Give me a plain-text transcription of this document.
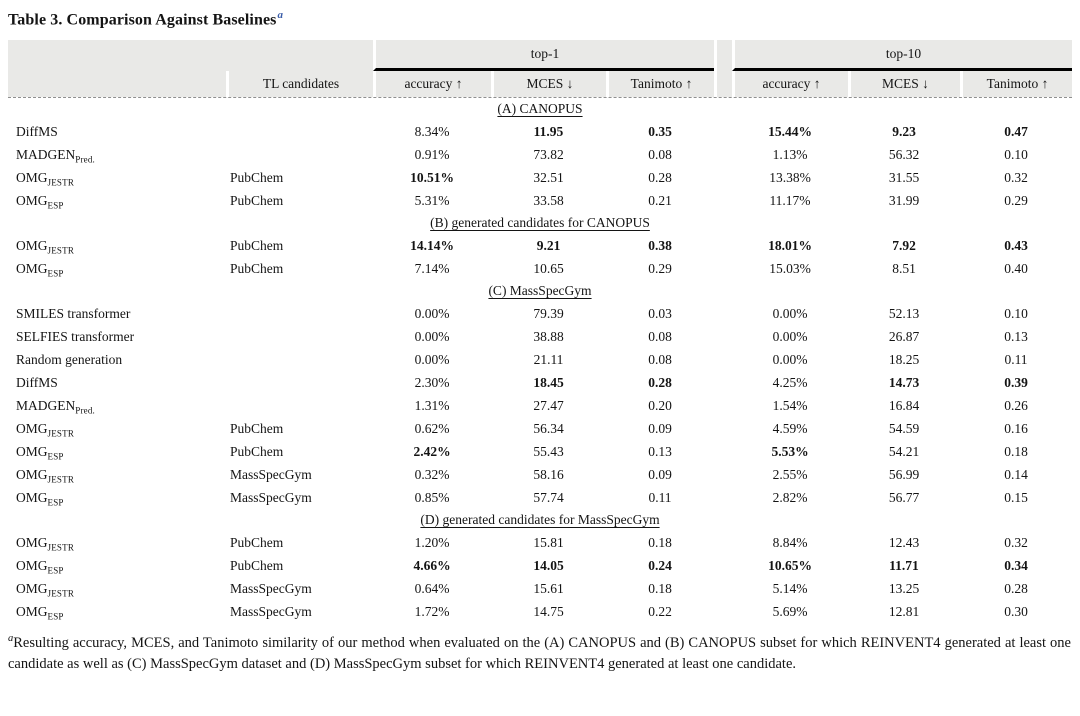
Table 3. Comparison Against Baselines$^a$
		top-1				top-10		
	TL candidates	accuracy ↑	MCES ↓	Tanimoto ↑		accuracy ↑	MCES ↓	Tanimoto ↑
(A) CANOPUS								
DiffMS		8.34%	11.95	0.35		15.44%	9.23	0.47
$MADGEN_{Pred.}$		0.91%	73.82	0.08		1.13%	56.32	0.10
$OMG_{JESTR}$	PubChem	10.51%	32.51	0.28		13.38%	31.55	0.32
$OMG_{ESP}$	PubChem	5.31%	33.58	0.21		11.17%	31.99	0.29
(B) generated candidates for CANOPUS								
$OMG_{JESTR}$	PubChem	14.14%	9.21	0.38		18.01%	7.92	0.43
$OMG_{ESP}$	PubChem	7.14%	10.65	0.29		15.03%	8.51	0.40
(C) MassSpecGym								
SMILES transformer		0.00%	79.39	0.03		0.00%	52.13	0.10
SELFIES transformer		0.00%	38.88	0.08		0.00%	26.87	0.13
Random generation		0.00%	21.11	0.08		0.00%	18.25	0.11
DiffMS		2.30%	18.45	0.28		4.25%	14.73	0.39
$MADGEN_{Pred.}$		1.31%	27.47	0.20		1.54%	16.84	0.26
$OMG_{JESTR}$	PubChem	0.62%	56.34	0.09		4.59%	54.59	0.16
$OMG_{ESP}$	PubChem	2.42%	55.43	0.13		5.53%	54.21	0.18
$OMG_{JESTR}$	MassSpecGym	0.32%	58.16	0.09		2.55%	56.99	0.14
$OMG_{ESP}$	MassSpecGym	0.85%	57.74	0.11		2.82%	56.77	0.15
(D) generated candidates for MassSpecGym								
$OMG_{JESTR}$	PubChem	1.20%	15.81	0.18		8.84%	12.43	0.32
$OMG_{ESP}$	PubChem	4.66%	14.05	0.24		10.65%	11.71	0.34
$OMG_{JESTR}$	MassSpecGym	0.64%	15.61	0.18		5.14%	13.25	0.28
$OMG_{ESP}$	MassSpecGym	1.72%	14.75	0.22		5.69%	12.81	0.30
$^a$Resulting accuracy, MCES, and Tanimoto similarity of our method when evaluated on the (A) CANOPUS and (B) CANOPUS subset for which REINVENT4 generated at least one candidate as well as (C) MassSpecGym dataset and (D) MassSpecGym subset for which REINVENT4 generated at least one candidate.
